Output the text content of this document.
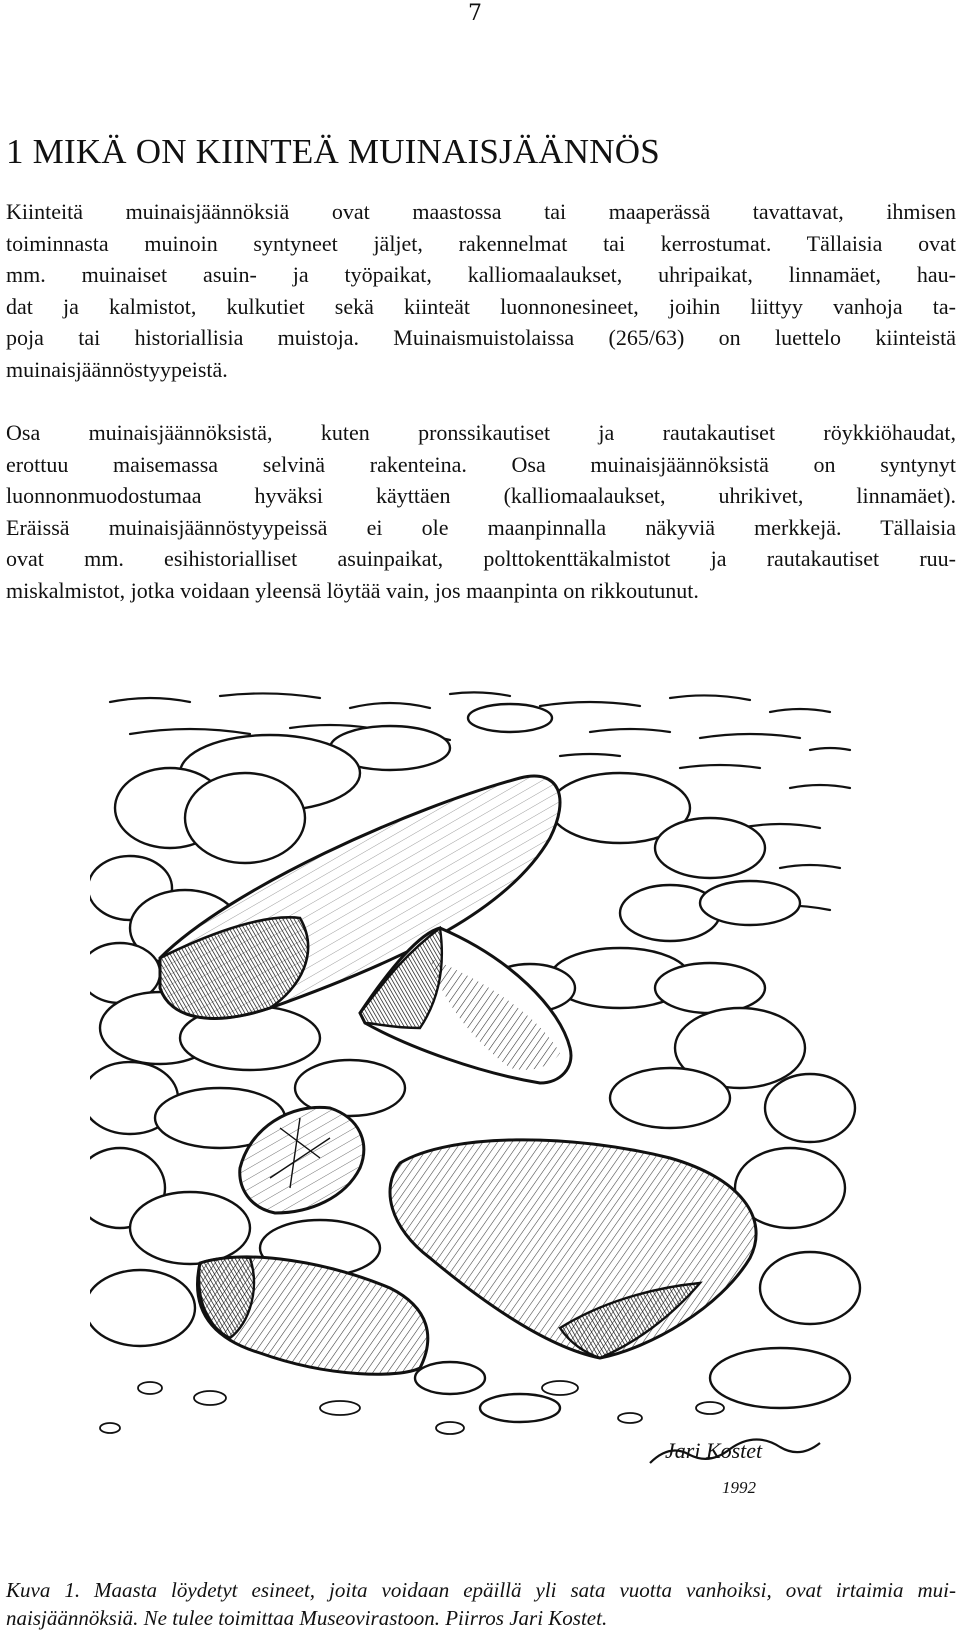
7
1 MIKÄ ON KIINTEÄ MUINAISJÄÄNNÖS

Kiinteitä muinaisjäännöksiä ovat maastossa tai maaperässä tavattavat, ihmisen
toiminnasta muinoin syntyneet jäljet, rakennelmat tai kerrostumat. Tällaisia ovat
mm. muinaiset asuin- ja työpaikat, kalliomaalaukset, uhripaikat, linnamäet, hau-
dat ja kalmistot, kulkutiet sekä kiinteät luonnonesineet, joihin liittyy vanhoja ta-
poja tai historiallisia muistoja. Muinaismuistolaissa (265/63) on luettelo kiinteistä
muinaisjäännöstyypeistä.

Osa muinaisjäännöksistä, kuten pronssikautiset ja rautakautiset röykkiöhaudat,
erottuu maisemassa selvinä rakenteina. Osa muinaisjäännöksistä on syntynyt
luonnonmuodostumaa hyväksi käyttäen (kalliomaalaukset, uhrikivet, linnamäet).
Eräissä muinaisjäännöstyypeissä ei ole maanpinnalla näkyviä merkkejä. Tällaisia
ovat mm. esihistorialliset asuinpaikat, polttokenttäkalmistot ja rautakautiset ruu-
miskalmistot, jotka voidaan yleensä löytää vain, jos maanpinta on rikkoutunut.

Jari Kostet
1992

Kuva 1. Maasta löydetyt esineet, joita voidaan epäillä yli sata vuotta vanhoiksi, ovat irtaimia mui-
naisjäännöksiä. Ne tulee toimittaa Museovirastoon. Piirros Jari Kostet.
